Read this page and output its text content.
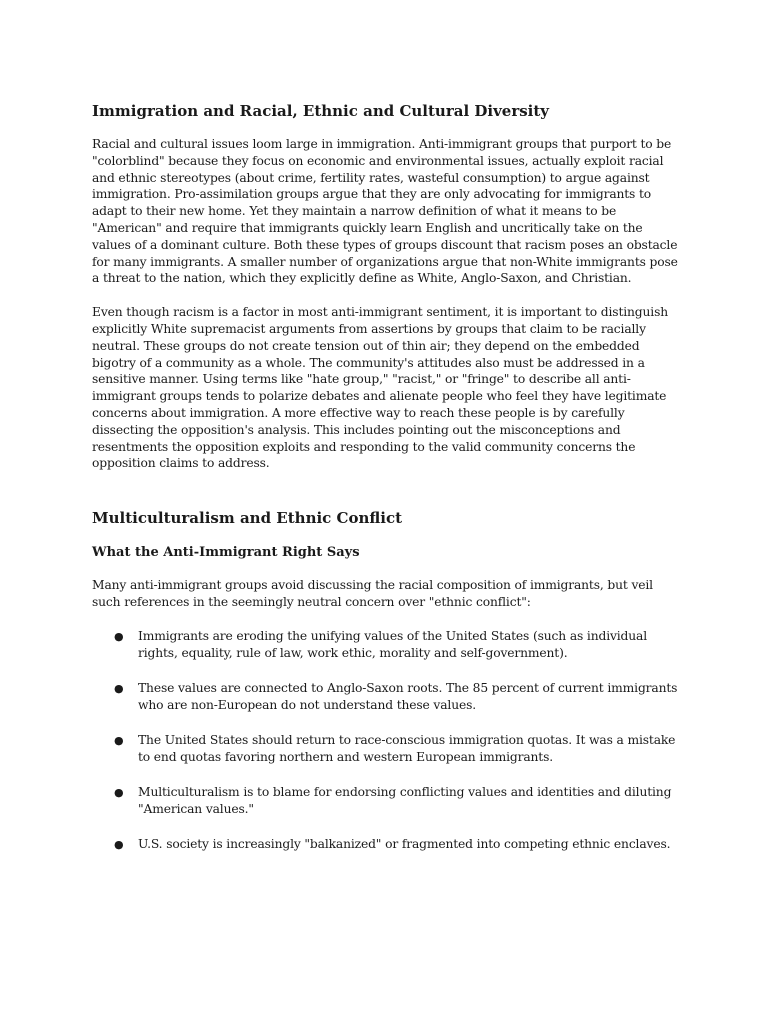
Immigration and Racial, Ethnic and Cultural Diversity

Racial and cultural issues loom large in immigration. Anti-immigrant groups that purport to be "colorblind" because they focus on economic and environmental issues, actually exploit racial and ethnic stereotypes (about crime, fertility rates, wasteful consumption) to argue against immigration. Pro-assimilation groups argue that they are only advocating for immigrants to adapt to their new home. Yet they maintain a narrow definition of what it means to be "American" and require that immigrants quickly learn English and uncritically take on the values of a dominant culture. Both these types of groups discount that racism poses an obstacle for many immigrants. A smaller number of organizations argue that non-White immigrants pose a threat to the nation, which they explicitly define as White, Anglo-Saxon, and Christian.

Even though racism is a factor in most anti-immigrant sentiment, it is important to distinguish explicitly White supremacist arguments from assertions by groups that claim to be racially neutral. These groups do not create tension out of thin air; they depend on the embedded bigotry of a community as a whole. The community's attitudes also must be addressed in a sensitive manner. Using terms like "hate group," "racist," or "fringe" to describe all anti-immigrant groups tends to polarize debates and alienate people who feel they have legitimate concerns about immigration. A more effective way to reach these people is by carefully dissecting the opposition's analysis. This includes pointing out the misconceptions and resentments the opposition exploits and responding to the valid community concerns the opposition claims to address.

Multiculturalism and Ethnic Conflict
What the Anti-Immigrant Right Says

Many anti-immigrant groups avoid discussing the racial composition of immigrants, but veil such references in the seemingly neutral concern over "ethnic conflict":

● Immigrants are eroding the unifying values of the United States (such as individual rights, equality, rule of law, work ethic, morality and self-government).
● These values are connected to Anglo-Saxon roots. The 85 percent of current immigrants who are non-European do not understand these values.
● The United States should return to race-conscious immigration quotas. It was a mistake to end quotas favoring northern and western European immigrants.
● Multiculturalism is to blame for endorsing conflicting values and identities and diluting "American values."
● U.S. society is increasingly "balkanized" or fragmented into competing ethnic enclaves.
